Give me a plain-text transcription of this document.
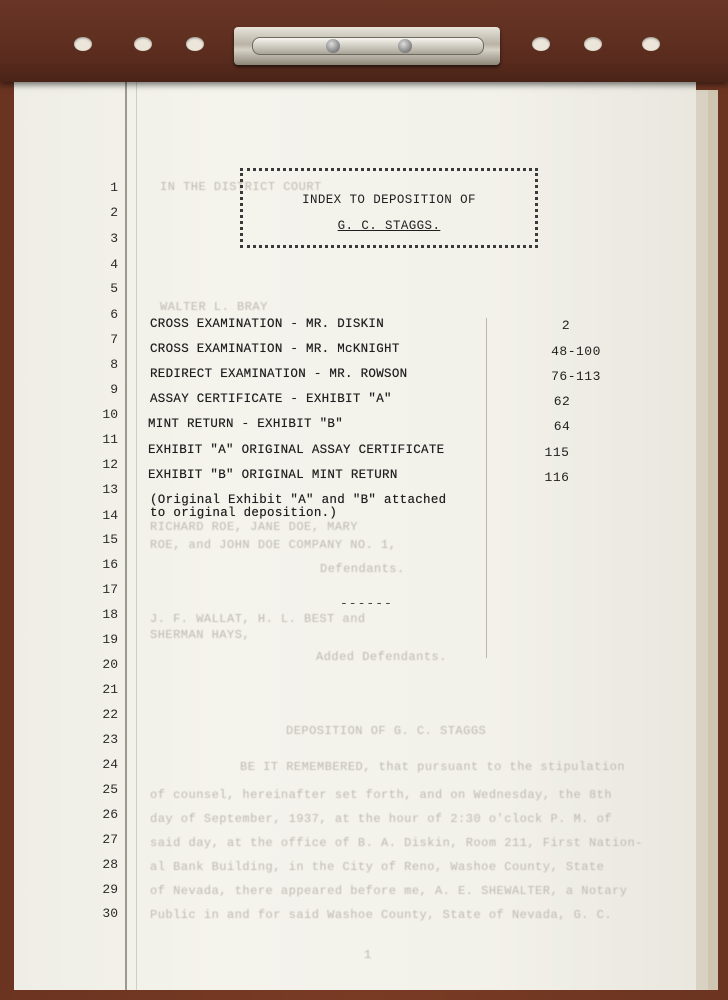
IN THE DISTRICT COURT
WALTER L. BRAY
RICHARD ROE, JANE DOE, MARY
ROE, and JOHN DOE COMPANY NO. 1,
Defendants.
J. F. WALLAT, H. L. BEST and
SHERMAN HAYS,
Added Defendants.
DEPOSITION OF G. C. STAGGS
BE IT REMEMBERED, that pursuant to the stipulation
of counsel, hereinafter set forth, and on Wednesday, the 8th
day of September, 1937, at the hour of 2:30 o'clock P. M. of
said day, at the office of B. A. Diskin, Room 211, First Nation-
al Bank Building, in the City of Reno, Washoe County, State
of Nevada, there appeared before me, A. E. SHEWALTER, a Notary
Public in and for said Washoe County, State of Nevada, G. C.
1
1
2
3
4
5
6
7
8
9
10
11
12
13
14
15
16
17
18
19
20
21
22
23
24
25
26
27
28
29
30
INDEX TO DEPOSITION OF
G. C. STAGGS.
CROSS EXAMINATION - MR. DISKIN	2
CROSS EXAMINATION - MR. McKNIGHT	48-100
REDIRECT EXAMINATION - MR. ROWSON	76-113
ASSAY CERTIFICATE - EXHIBIT "A"	62
MINT RETURN - EXHIBIT "B"	64
EXHIBIT "A" ORIGINAL ASSAY CERTIFICATE	115
EXHIBIT "B" ORIGINAL MINT RETURN	116
(Original Exhibit "A" and "B" attached
to original deposition.)
------
